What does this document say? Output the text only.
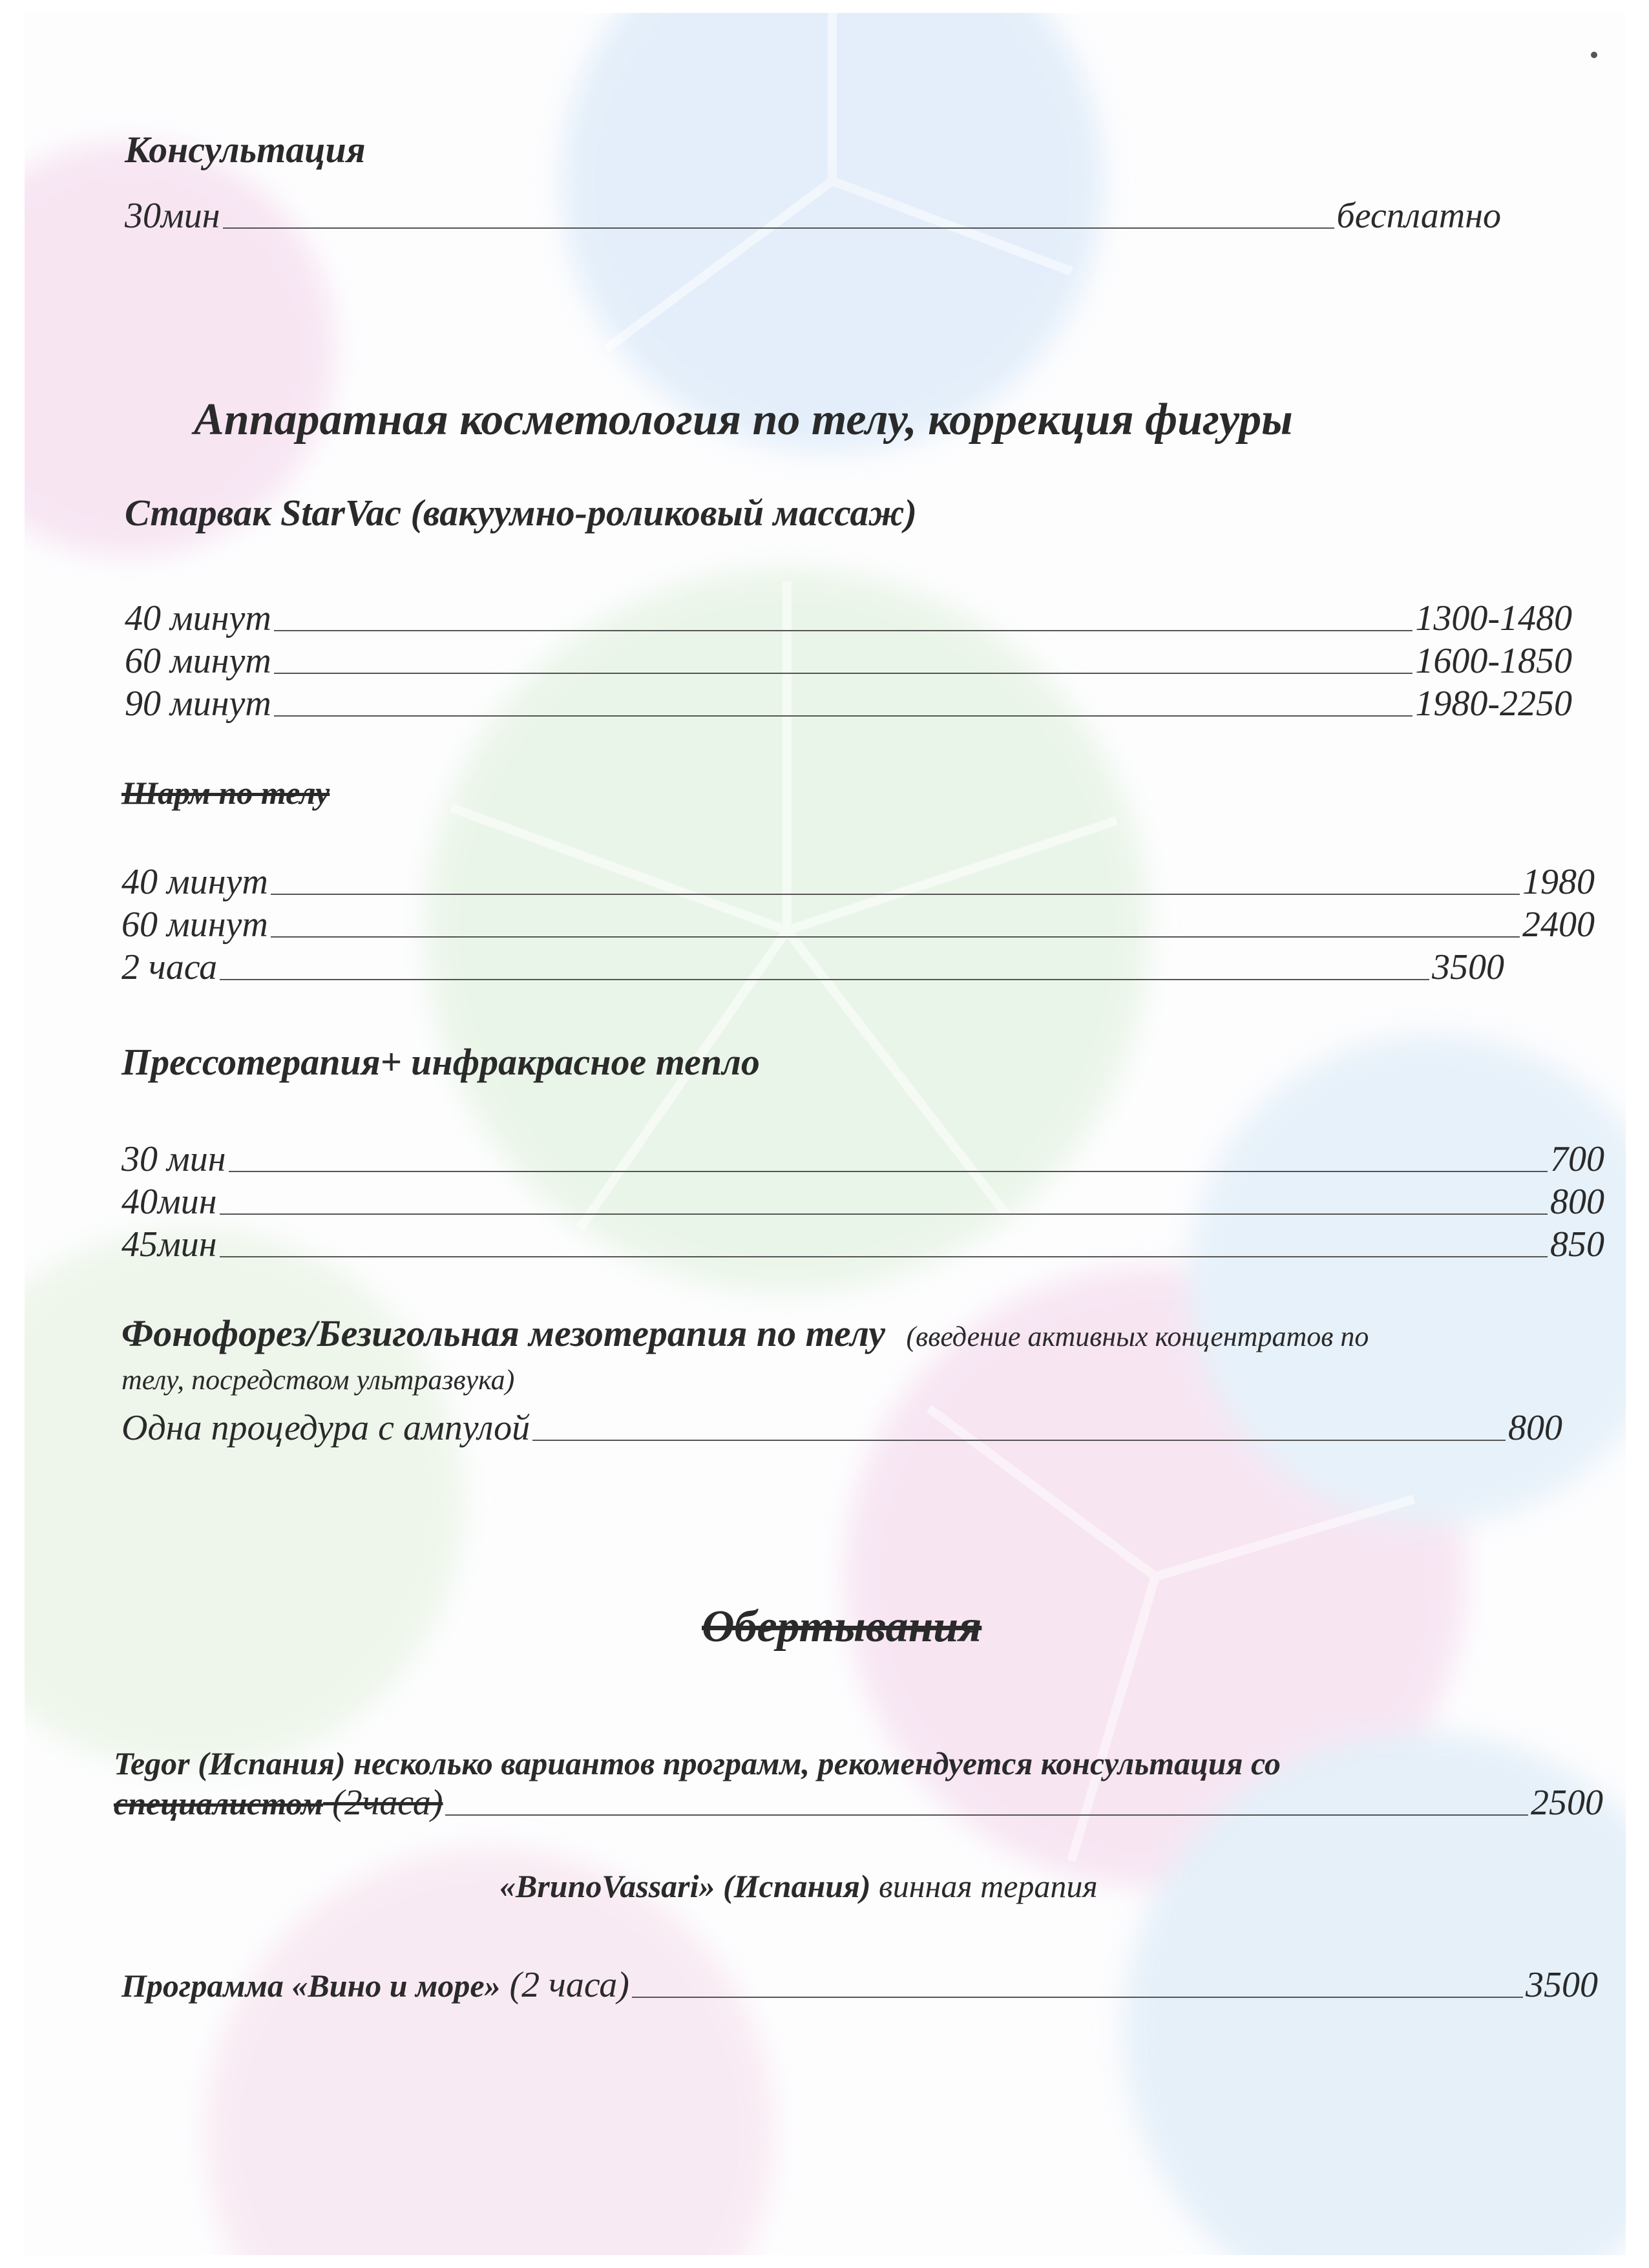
Консультация
30мин	бесплатно
Аппаратная косметология по телу, коррекция фигуры
Старвак StarVac (вакуумно-роликовый массаж)
40 минут	1300-1480
60 минут	1600-1850
90 минут	1980-2250
Шарм по телу
40 минут	1980
60 минут	2400
2 часа	3500
Прессотерапия+ инфракрасное тепло
30 мин	700
40мин	800
45мин	850
Фонофорез/Безигольная мезотерапия по телу (введение активных концентратов по
телу, посредством ультразвука)
Одна процедура с ампулой	800
Обертывания
Tegor (Испания) несколько вариантов программ, рекомендуется консультация со
специалистом (2часа)	2500
«BrunoVassari» (Испания) винная терапия
Программа «Вино и море» (2 часа)	3500
